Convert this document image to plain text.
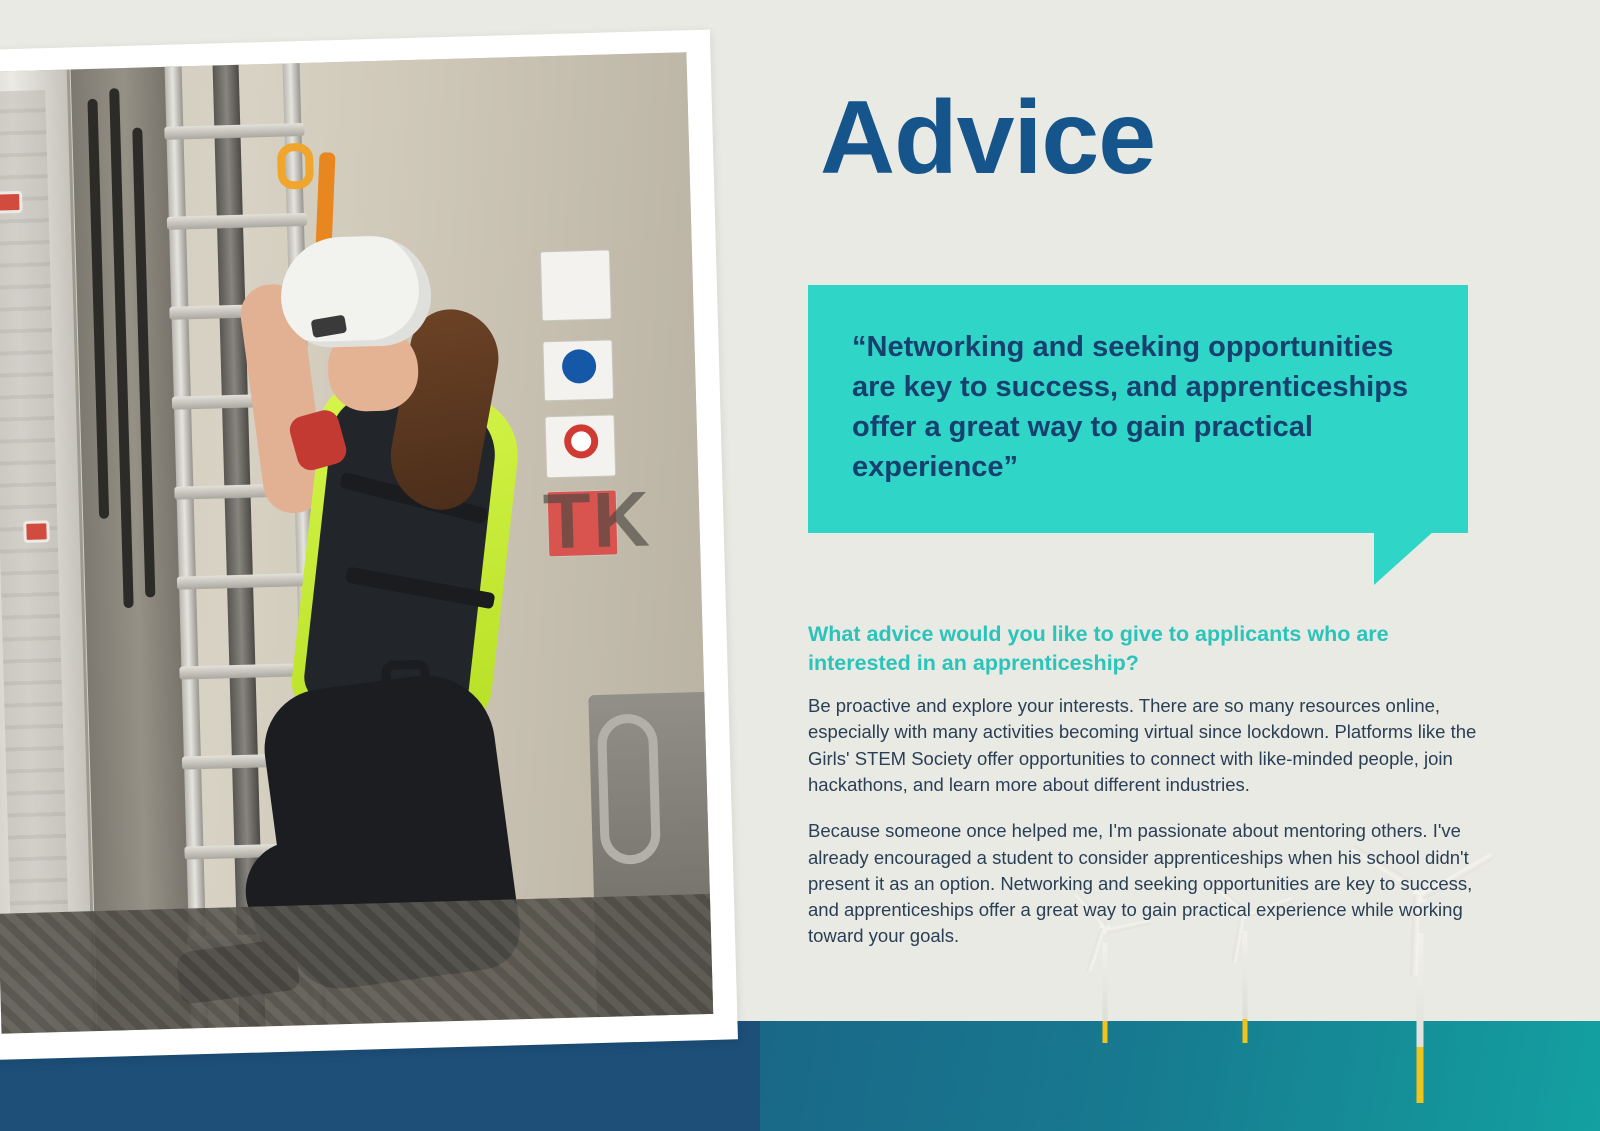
TK
Advice
“Networking and seeking opportunities are key to success, and apprenticeships offer a great way to gain practical experience”
What advice would you like to give to applicants who are interested in an apprenticeship?
Be proactive and explore your interests. There are so many resources online, especially with many activities becoming virtual since lockdown. Platforms like the Girls' STEM Society offer opportunities to connect with like-minded people, join hackathons, and learn more about different industries.
Because someone once helped me, I'm passionate about mentoring others. I've already encouraged a student to consider apprenticeships when his school didn't present it as an option. Networking and seeking opportunities are key to success, and apprenticeships offer a great way to gain practical experience while working toward your goals.
